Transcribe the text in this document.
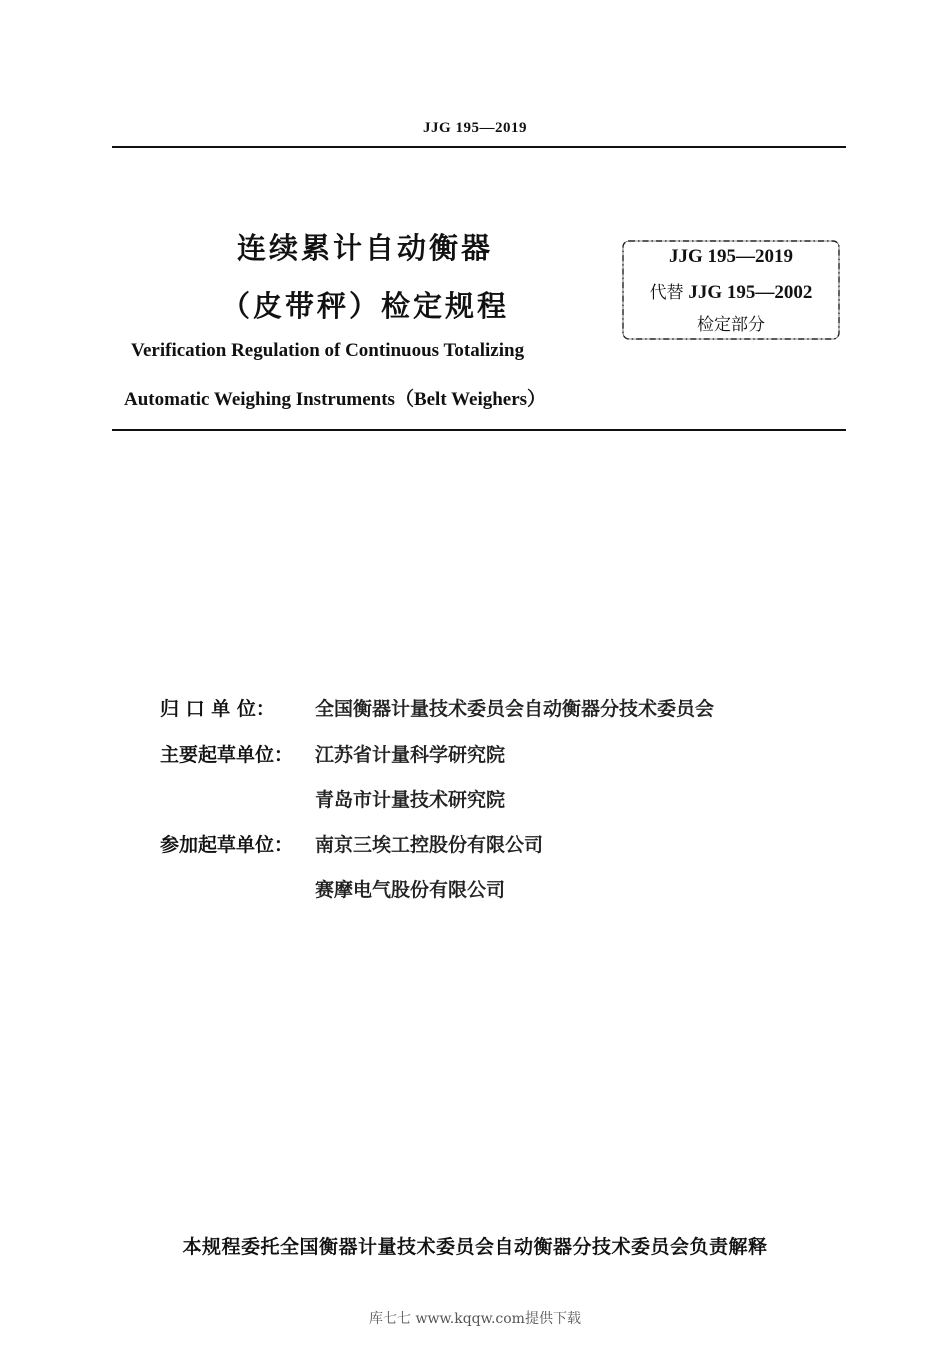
JJG 195—2019
连续累计自动衡器
（皮带秤）检定规程
Verification Regulation of Continuous Totalizing
Automatic Weighing Instruments（Belt Weighers）
JJG 195—2019
代替 JJG 195—2002
检定部分
归 口 单 位：	全国衡器计量技术委员会自动衡器分技术委员会
主要起草单位：	江苏省计量科学研究院
青岛市计量技术研究院
参加起草单位：	南京三埃工控股份有限公司
赛摩电气股份有限公司
本规程委托全国衡器计量技术委员会自动衡器分技术委员会负责解释
库七七 www.kqqw.com提供下载
